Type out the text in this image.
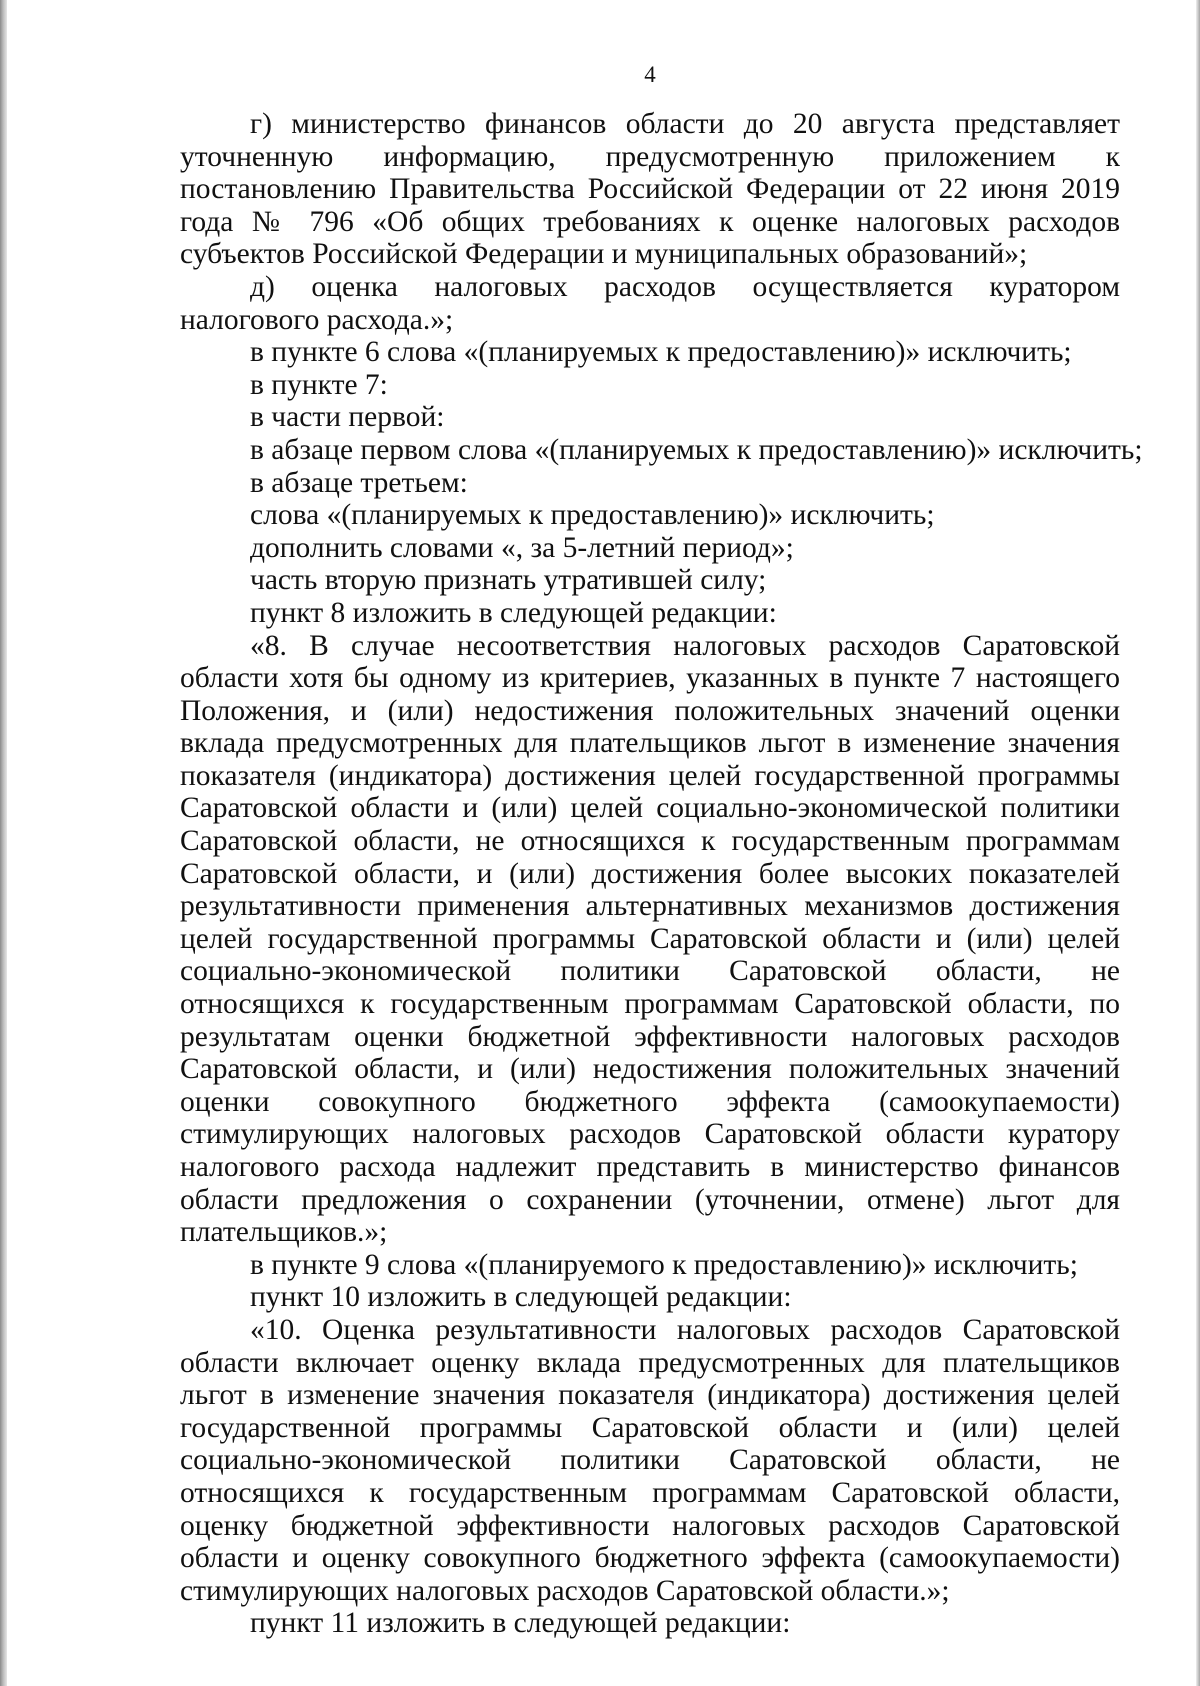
4

г) министерство финансов области до 20 августа представляет уточненную информацию, предусмотренную приложением к постановлению Правительства Российской Федерации от 22 июня 2019 года № 796 «Об общих требованиях к оценке налоговых расходов субъектов Российской Федерации и муниципальных образований»;

д) оценка налоговых расходов осуществляется куратором налогового расхода.»;

в пункте 6 слова «(планируемых к предоставлению)» исключить;

в пункте 7:

в части первой:

в абзаце первом слова «(планируемых к предоставлению)» исключить;

в абзаце третьем:

слова «(планируемых к предоставлению)» исключить;

дополнить словами «, за 5-летний период»;

часть вторую признать утратившей силу;

пункт 8 изложить в следующей редакции:

«8. В случае несоответствия налоговых расходов Саратовской области хотя бы одному из критериев, указанных в пункте 7 настоящего Положения, и (или) недостижения положительных значений оценки вклада предусмотренных для плательщиков льгот в изменение значения показателя (индикатора) достижения целей государственной программы Саратовской области и (или) целей социально-экономической политики Саратовской области, не относящихся к государственным программам Саратовской области, и (или) достижения более высоких показателей результативности применения альтернативных механизмов достижения целей государственной программы Саратовской области и (или) целей социально-экономической политики Саратовской области, не относящихся к государственным программам Саратовской области, по результатам оценки бюджетной эффективности налоговых расходов Саратовской области, и (или) недостижения положительных значений оценки совокупного бюджетного эффекта (самоокупаемости) стимулирующих налоговых расходов Саратовской области куратору налогового расхода надлежит представить в министерство финансов области предложения о сохранении (уточнении, отмене) льгот для плательщиков.»;

в пункте 9 слова «(планируемого к предоставлению)» исключить;

пункт 10 изложить в следующей редакции:

«10. Оценка результативности налоговых расходов Саратовской области включает оценку вклада предусмотренных для плательщиков льгот в изменение значения показателя (индикатора) достижения целей государственной программы Саратовской области и (или) целей социально-экономической политики Саратовской области, не относящихся к государственным программам Саратовской области, оценку бюджетной эффективности налоговых расходов Саратовской области и оценку совокупного бюджетного эффекта (самоокупаемости) стимулирующих налоговых расходов Саратовской области.»;

пункт 11 изложить в следующей редакции:
